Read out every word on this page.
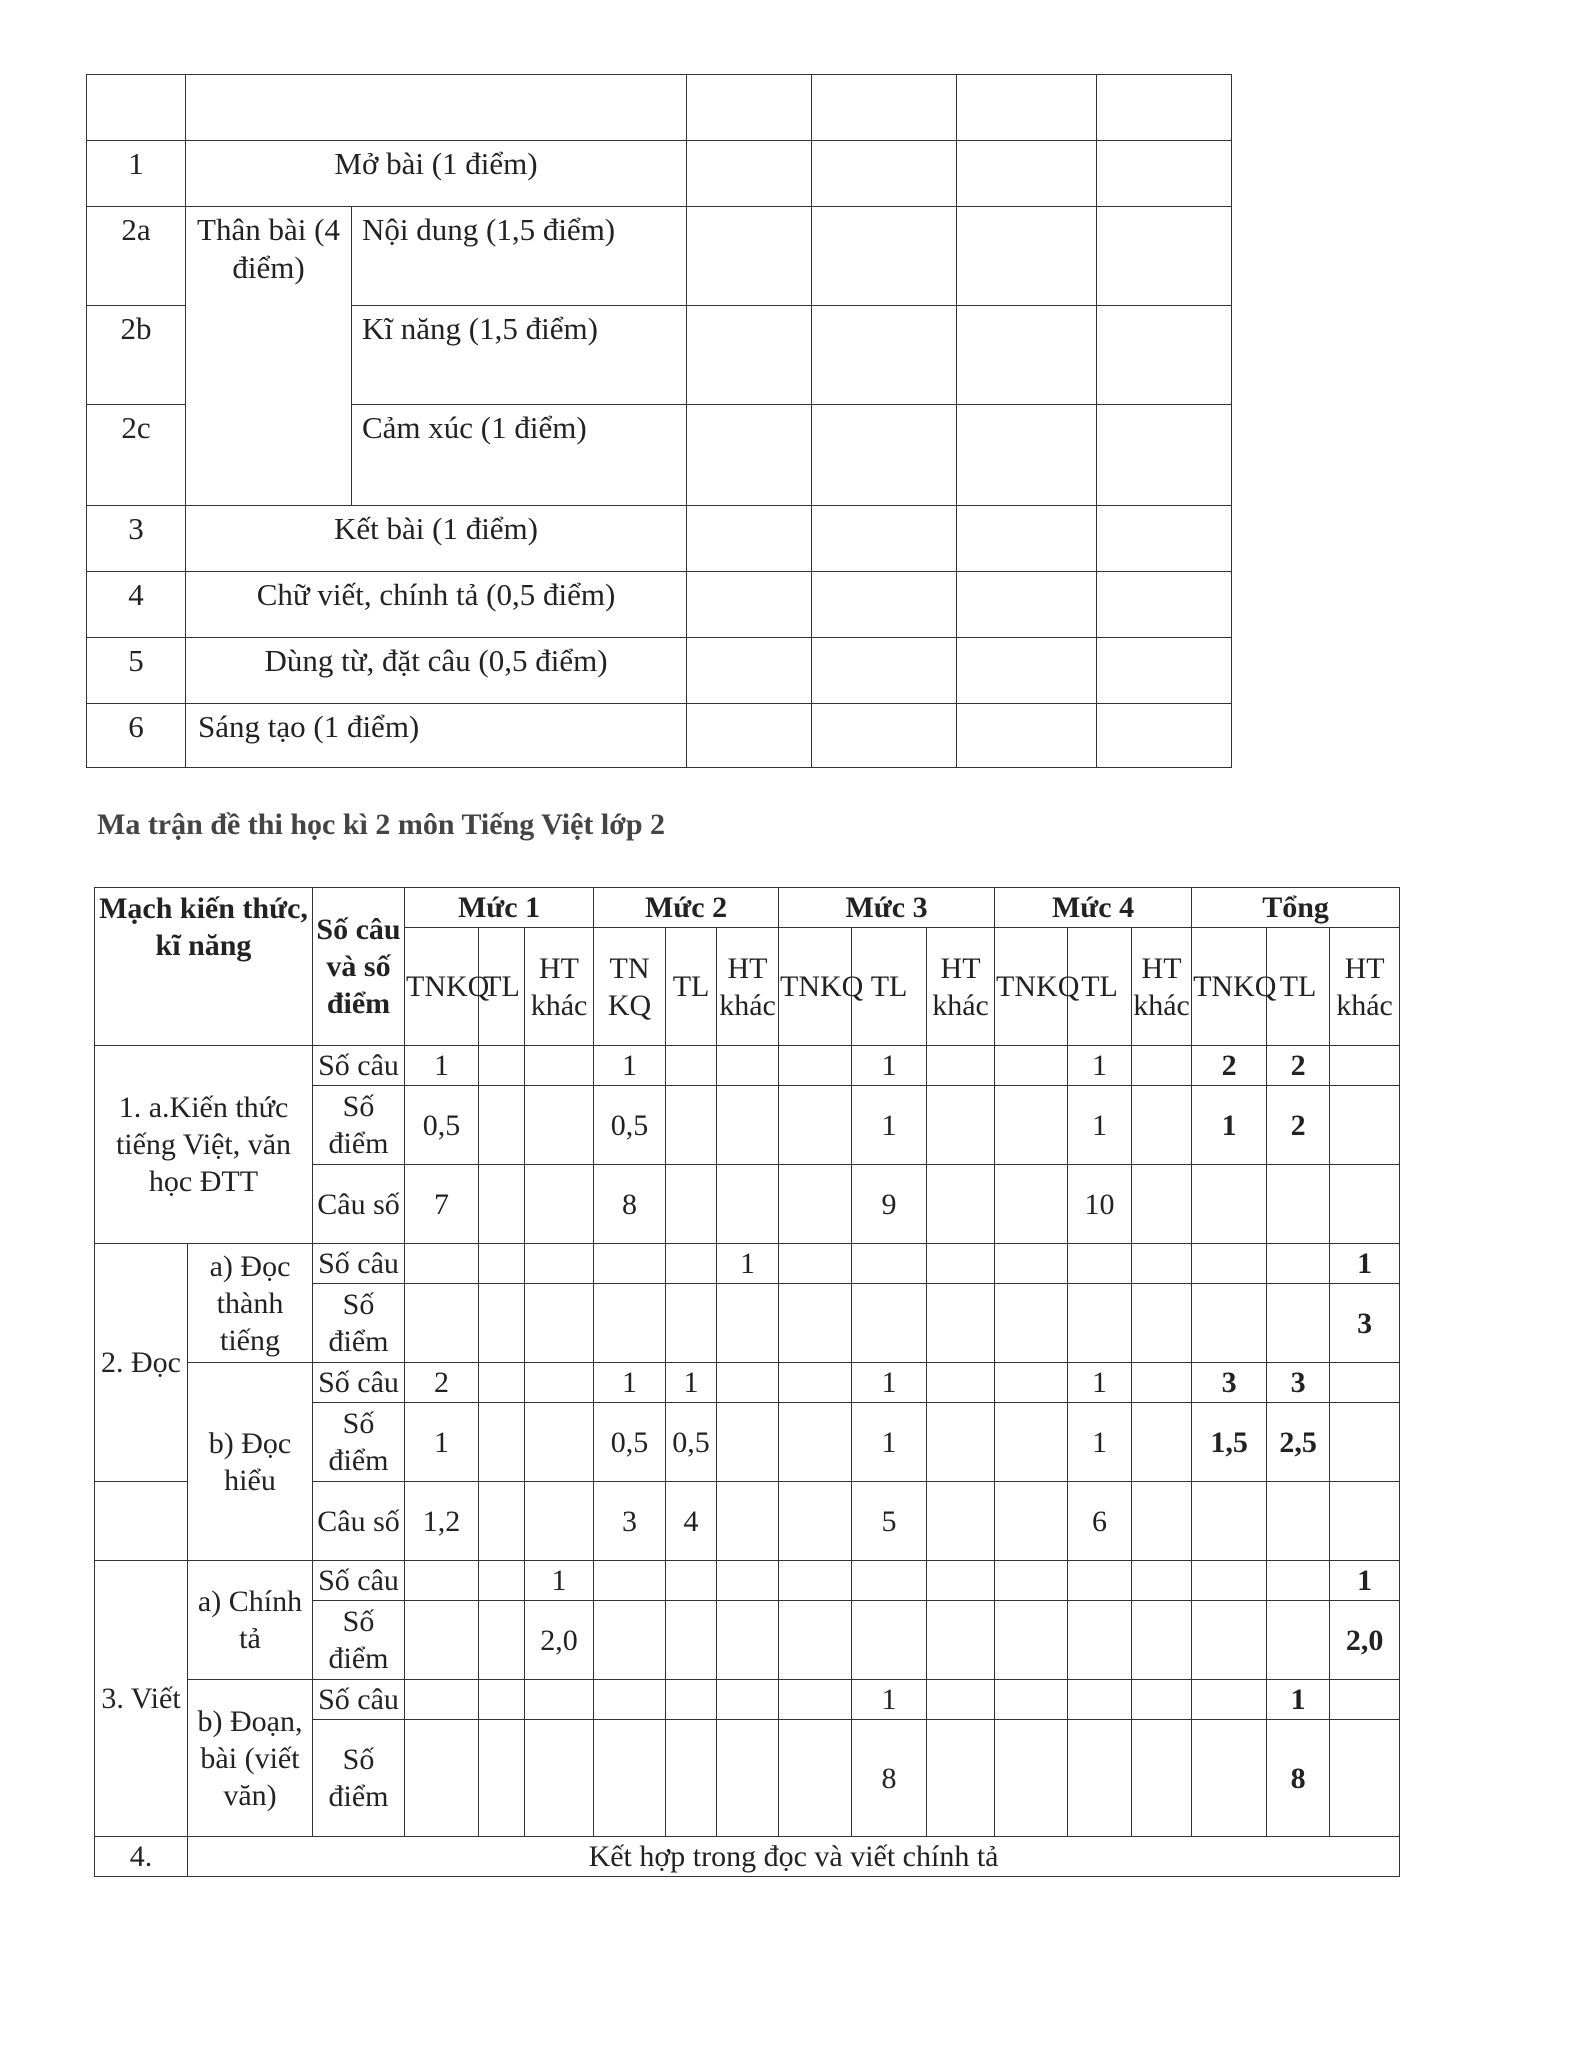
1	Mở bài (1 điểm)					
2a	Thân bài (4 điểm)	Nội dung (1,5 điểm)				
2b		Kĩ năng (1,5 điểm)				
2c		Cảm xúc (1 điểm)				
3	Kết bài (1 điểm)					
4	Chữ viết, chính tả (0,5 điểm)					
5	Dùng từ, đặt câu (0,5 điểm)					
6	Sáng tạo (1 điểm)					

Ma trận đề thi học kì 2 môn Tiếng Việt lớp 2

Mạch kiến thức, kĩ năng		Số câu và số điểm	Mức 1			Mức 2			Mức 3			Mức 4			Tổng		
			TNKQ	TL	HT khác	TN KQ	TL	HT khác	TNKQ	TL	HT khác	TNKQ	TL	HT khác	TNKQ	TL	HT khác
1. a.Kiến thức tiếng Việt, văn học ĐTT		Số câu	1			1				1			1		2	2	
		Số điểm	0,5			0,5				1			1		1	2	
		Câu số	7			8				9			10				
2. Đọc	a) Đọc thành tiếng	Số câu						1									1
		Số điểm															3
	b) Đọc hiểu	Số câu	2			1	1			1			1		3	3	
		Số điểm	1			0,5	0,5			1			1		1,5	2,5	
		Câu số	1,2			3	4			5			6				
3. Viết	a) Chính tả	Số câu			1												1
		Số điểm			2,0												2,0
	b) Đoạn, bài (viết văn)	Số câu								1						1	
		Số điểm								8						8	
4.	Kết hợp trong đọc và viết chính tả																
